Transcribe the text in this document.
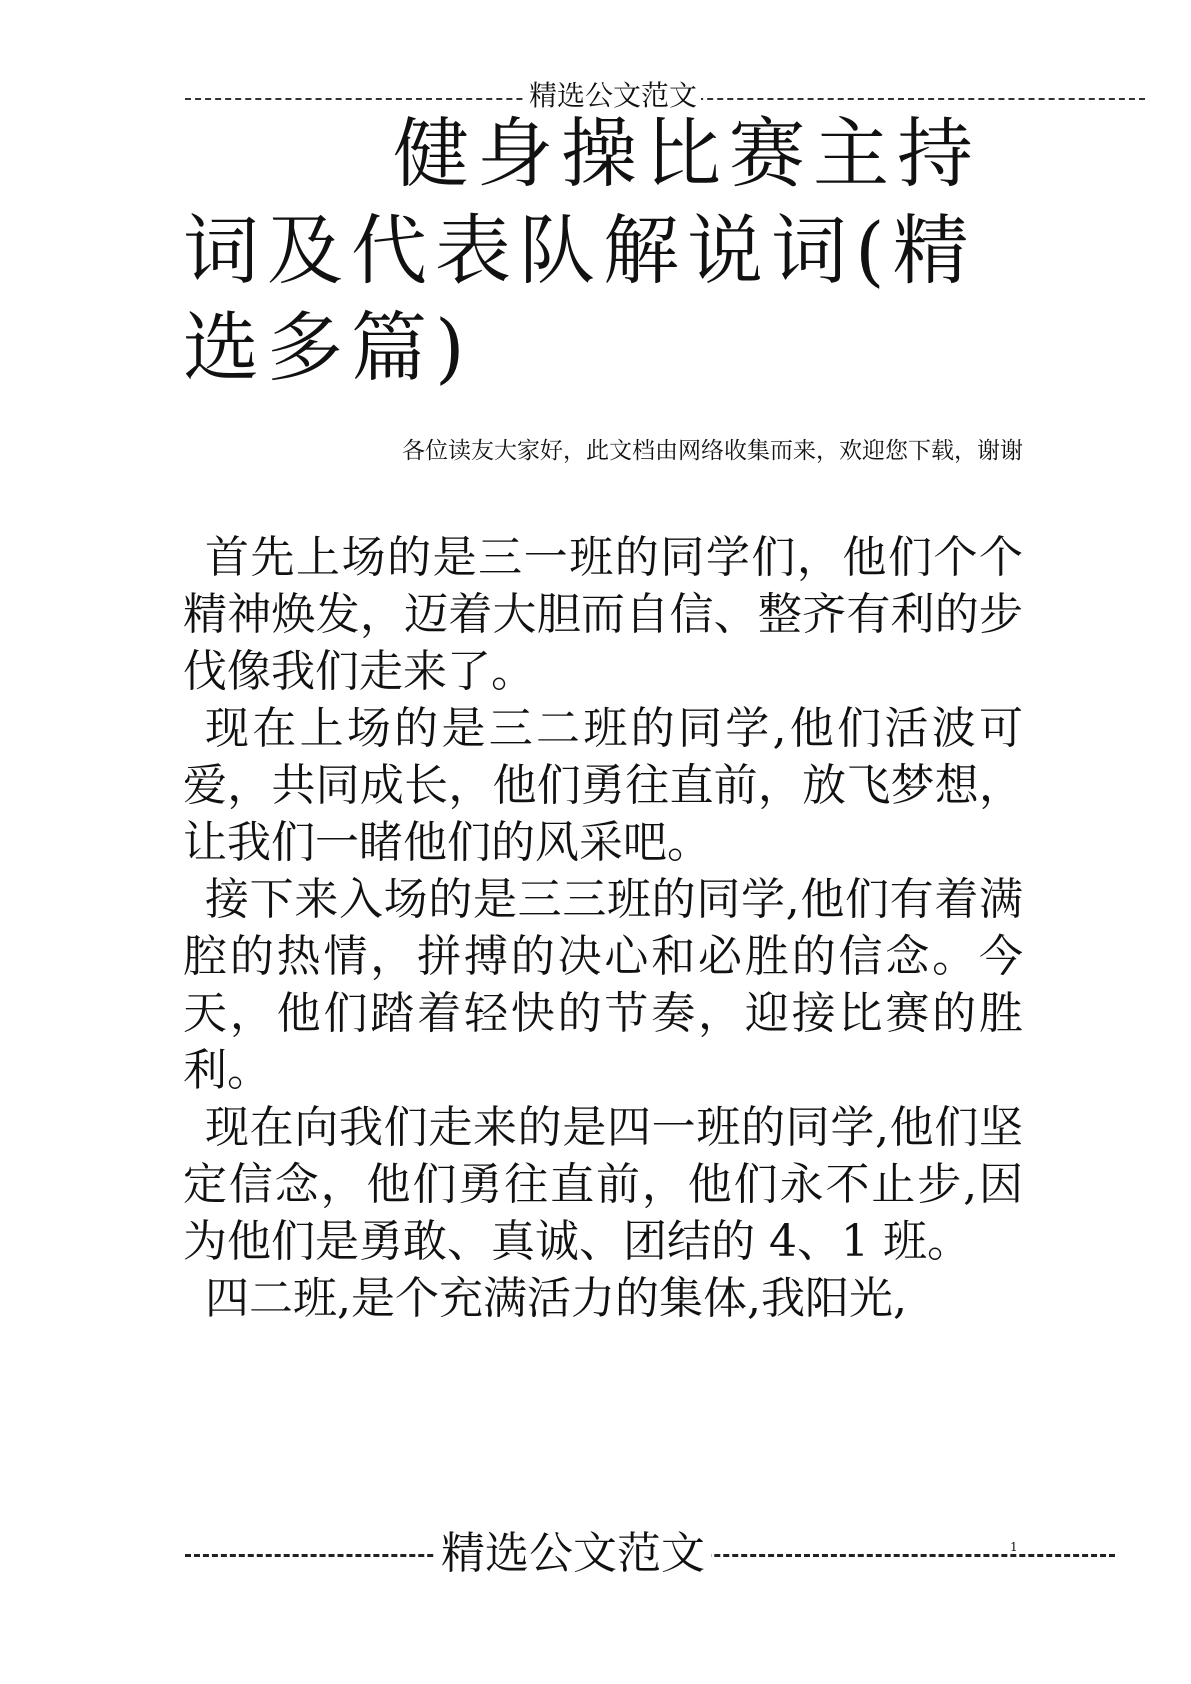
精选公文范文
健身操比赛主持词及代表队解说词(精选多篇)
各位读友大家好，此文档由网络收集而来，欢迎您下载，谢谢

首先上场的是三一班的同学们，他们个个精神焕发，迈着大胆而自信、整齐有利的步伐像我们走来了。

现在上场的是三二班的同学,他们活波可爱，共同成长，他们勇往直前，放飞梦想，让我们一睹他们的风采吧。

接下来入场的是三三班的同学,他们有着满腔的热情，拼搏的决心和必胜的信念。今天，他们踏着轻快的节奏，迎接比赛的胜利。

现在向我们走来的是四一班的同学,他们坚定信念，他们勇往直前，他们永不止步,因为他们是勇敢、真诚、团结的 4、1 班。

四二班,是个充满活力的集体,我阳光,

精选公文范文	1
